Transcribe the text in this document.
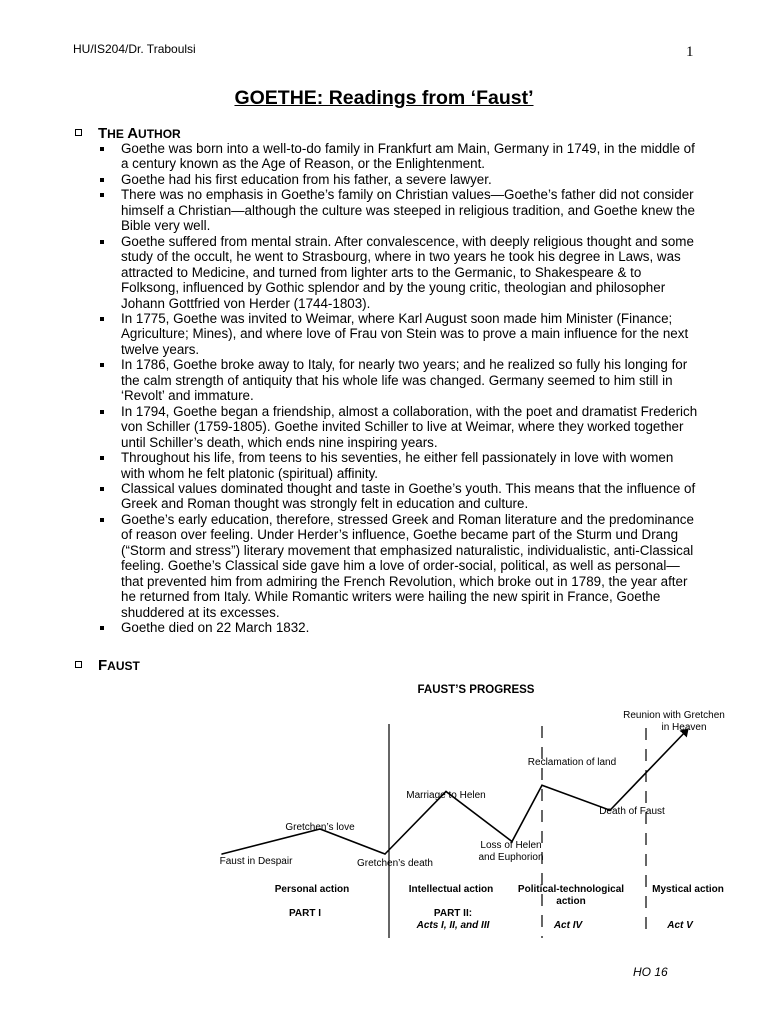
HU/IS204/Dr. Traboulsi	1
GOETHE: Readings from ‘Faust’
T HE A UTHOR
Goethe was born into a well-to-do family in Frankfurt am Main, Germany in 1749, in the middle of a century known as the Age of Reason, or the Enlightenment.
Goethe had his first education from his father, a severe lawyer.
There was no emphasis in Goethe’s family on Christian values—Goethe’s father did not consider himself a Christian—although the culture was steeped in religious tradition, and Goethe knew the Bible very well.
Goethe suffered from mental strain. After convalescence, with deeply religious thought and some study of the occult, he went to Strasbourg, where in two years he took his degree in Laws, was attracted to Medicine, and turned from lighter arts to the Germanic, to Shakespeare & to Folksong, influenced by Gothic splendor and by the young critic, theologian and philosopher Johann Gottfried von Herder (1744-1803).
In 1775, Goethe was invited to Weimar, where Karl August soon made him Minister (Finance; Agriculture; Mines), and where love of Frau von Stein was to prove a main influence for the next twelve years.
In 1786, Goethe broke away to Italy, for nearly two years; and he realized so fully his longing for the calm strength of antiquity that his whole life was changed. Germany seemed to him still in ‘Revolt’ and immature.
In 1794, Goethe began a friendship, almost a collaboration, with the poet and dramatist Frederich von Schiller (1759-1805). Goethe invited Schiller to live at Weimar, where they worked together until Schiller’s death, which ends nine inspiring years.
Throughout his life, from teens to his seventies, he either fell passionately in love with women with whom he felt platonic (spiritual) affinity.
Classical values dominated thought and taste in Goethe’s youth. This means that the influence of Greek and Roman thought was strongly felt in education and culture.
Goethe’s early education, therefore, stressed Greek and Roman literature and the predominance of reason over feeling. Under Herder’s influence, Goethe became part of the Sturm und Drang (“Storm and stress”) literary movement that emphasized naturalistic, individualistic, anti-Classical feeling. Goethe’s Classical side gave him a love of order-social, political, as well as personal—that prevented him from admiring the French Revolution, which broke out in 1789, the year after he returned from Italy. While Romantic writers were hailing the new spirit in France, Goethe shuddered at its excesses.
Goethe died on 22 March 1832.
F AUST
FAUST’S PROGRESS
Faust in Despair
Gretchen’s love
Gretchen’s death
Marriage to Helen
Loss of Helen
and Euphorion
Reclamation of land
Death of Faust
Reunion with Gretchen
in Heaven
Personal action	Intellectual action Political-technological
action
Mystical action
PART I	PART II:
Acts I, II, and III	Act IV	Act V
HO 16
